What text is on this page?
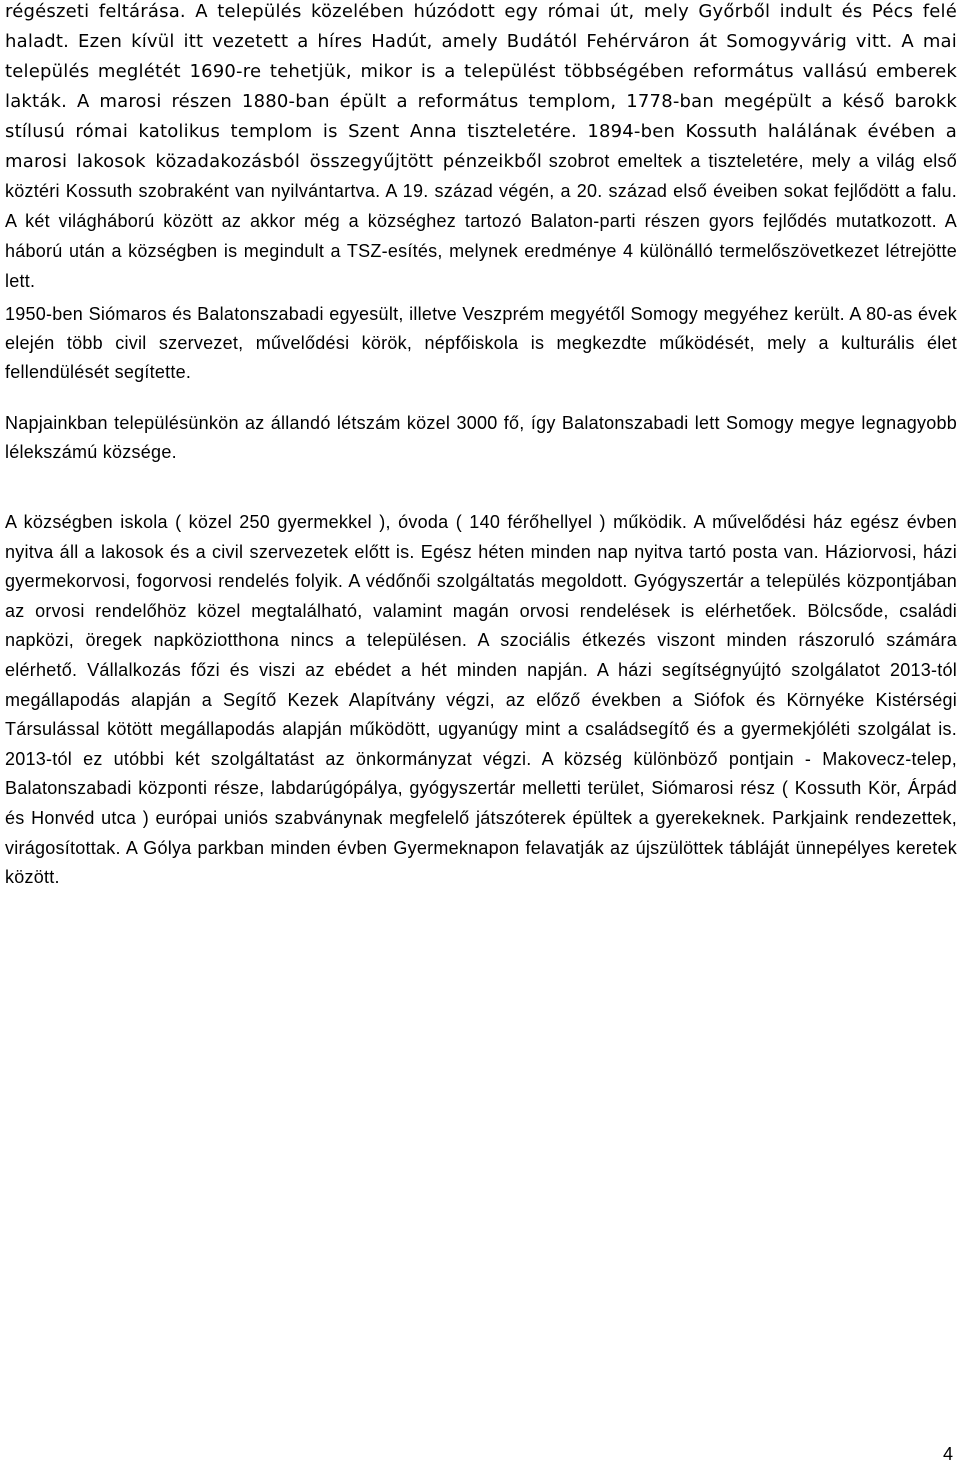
régészeti feltárása. A település közelében húzódott egy római út, mely Győrből indult és Pécs felé haladt. Ezen kívül itt vezetett a híres Hadút, amely Budától Fehérváron át Somogyvárig vitt. A mai település meglétét 1690-re tehetjük, mikor is a települést többségében református vallású emberek lakták. A marosi részen 1880-ban épült a református templom, 1778-ban megépült a késő barokk stílusú római katolikus templom is Szent Anna tiszteletére. 1894-ben Kossuth halálának évében a marosi lakosok közadakozásból összegyűjtött pénzeikből szobrot emeltek a tiszteletére, mely a világ első köztéri Kossuth szobraként van nyilvántartva. A 19. század végén, a 20. század első éveiben sokat fejlődött a falu. A két világháború között az akkor még a községhez tartozó Balaton-parti részen gyors fejlődés mutatkozott. A háború után a községben is megindult a TSZ-esítés, melynek eredménye 4 különálló termelőszövetkezet létrejötte lett.

1950-ben Siómaros és Balatonszabadi egyesült, illetve Veszprém megyétől Somogy megyéhez került. A 80-as évek elején több civil szervezet, művelődési körök, népfőiskola is megkezdte működését, mely a kulturális élet fellendülését segítette.

Napjainkban településünkön az állandó létszám közel 3000 fő, így Balatonszabadi lett Somogy megye legnagyobb lélekszámú községe.

A községben iskola ( közel 250 gyermekkel ), óvoda ( 140 férőhellyel ) működik. A művelődési ház egész évben nyitva áll a lakosok és a civil szervezetek előtt is. Egész héten minden nap nyitva tartó posta van. Háziorvosi, házi gyermekorvosi, fogorvosi rendelés folyik. A védőnői szolgáltatás megoldott. Gyógyszertár a település központjában az orvosi rendelőhöz közel megtalálható, valamint magán orvosi rendelések is elérhetőek. Bölcsőde, családi napközi, öregek napköziotthona nincs a településen. A szociális étkezés viszont minden rászoruló számára elérhető. Vállalkozás főzi és viszi az ebédet a hét minden napján. A házi segítségnyújtó szolgálatot 2013-tól megállapodás alapján a Segítő Kezek Alapítvány végzi, az előző években a Siófok és Környéke Kistérségi Társulással kötött megállapodás alapján működött, ugyanúgy mint a családsegítő és a gyermekjóléti szolgálat is. 2013-tól ez utóbbi két szolgáltatást az önkormányzat végzi. A község különböző pontjain - Makovecz-telep, Balatonszabadi központi része, labdarúgópálya, gyógyszertár melletti terület, Siómarosi rész ( Kossuth Kör, Árpád és Honvéd utca ) európai uniós szabványnak megfelelő játszóterek épültek a gyerekeknek. Parkjaink rendezettek, virágosítottak. A Gólya parkban minden évben Gyermeknapon felavatják az újszülöttek tábláját ünnepélyes keretek között.

4
